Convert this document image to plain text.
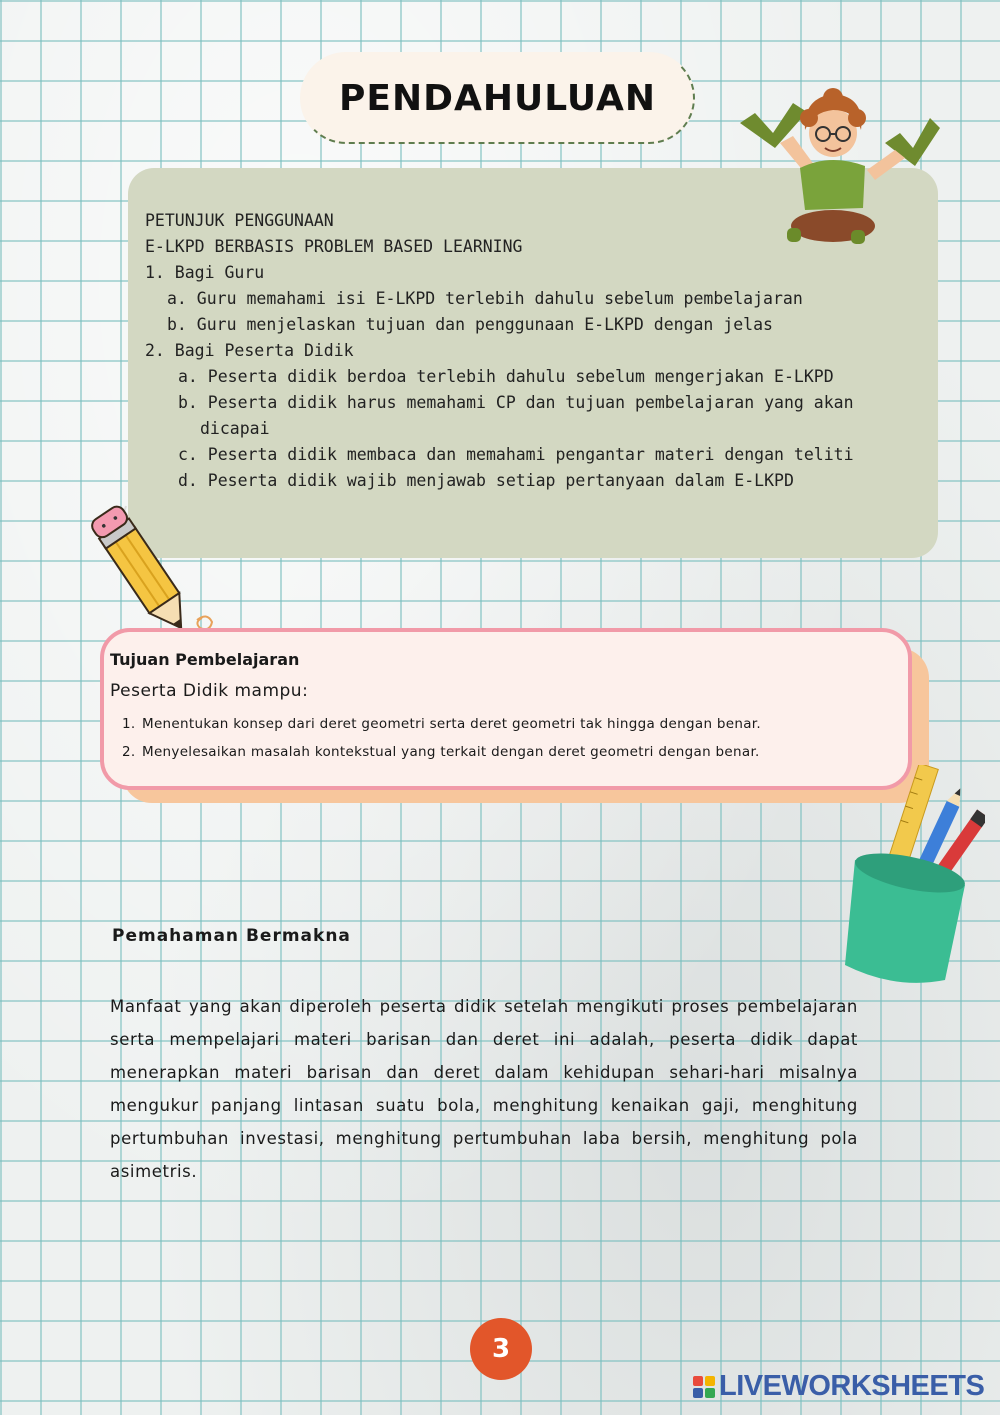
PENDAHULUAN
PETUNJUK PENGGUNAAN
E-LKPD BERBASIS PROBLEM BASED LEARNING
1. Bagi Guru
a. Guru memahami isi E-LKPD terlebih dahulu sebelum pembelajaran
b. Guru menjelaskan tujuan dan penggunaan E-LKPD dengan jelas
2. Bagi Peserta Didik
a. Peserta didik berdoa terlebih dahulu sebelum mengerjakan E-LKPD
b. Peserta didik harus memahami CP dan tujuan pembelajaran yang akan
dicapai
c. Peserta didik membaca dan memahami pengantar materi dengan teliti
d. Peserta didik wajib menjawab setiap pertanyaan dalam E-LKPD
Tujuan Pembelajaran
Peserta Didik mampu:
1. Menentukan konsep dari deret geometri serta deret geometri tak hingga dengan benar.
2. Menyelesaikan masalah kontekstual yang terkait dengan deret geometri dengan benar.
Pemahaman Bermakna
Manfaat yang akan diperoleh peserta didik setelah mengikuti proses pembelajaran serta mempelajari materi barisan dan deret ini adalah, peserta didik dapat menerapkan materi barisan dan deret dalam kehidupan sehari-hari misalnya mengukur panjang lintasan suatu bola, menghitung kenaikan gaji, menghitung pertumbuhan investasi, menghitung pertumbuhan laba bersih, menghitung pola asimetris.
3
LIVEWORKSHEETS
